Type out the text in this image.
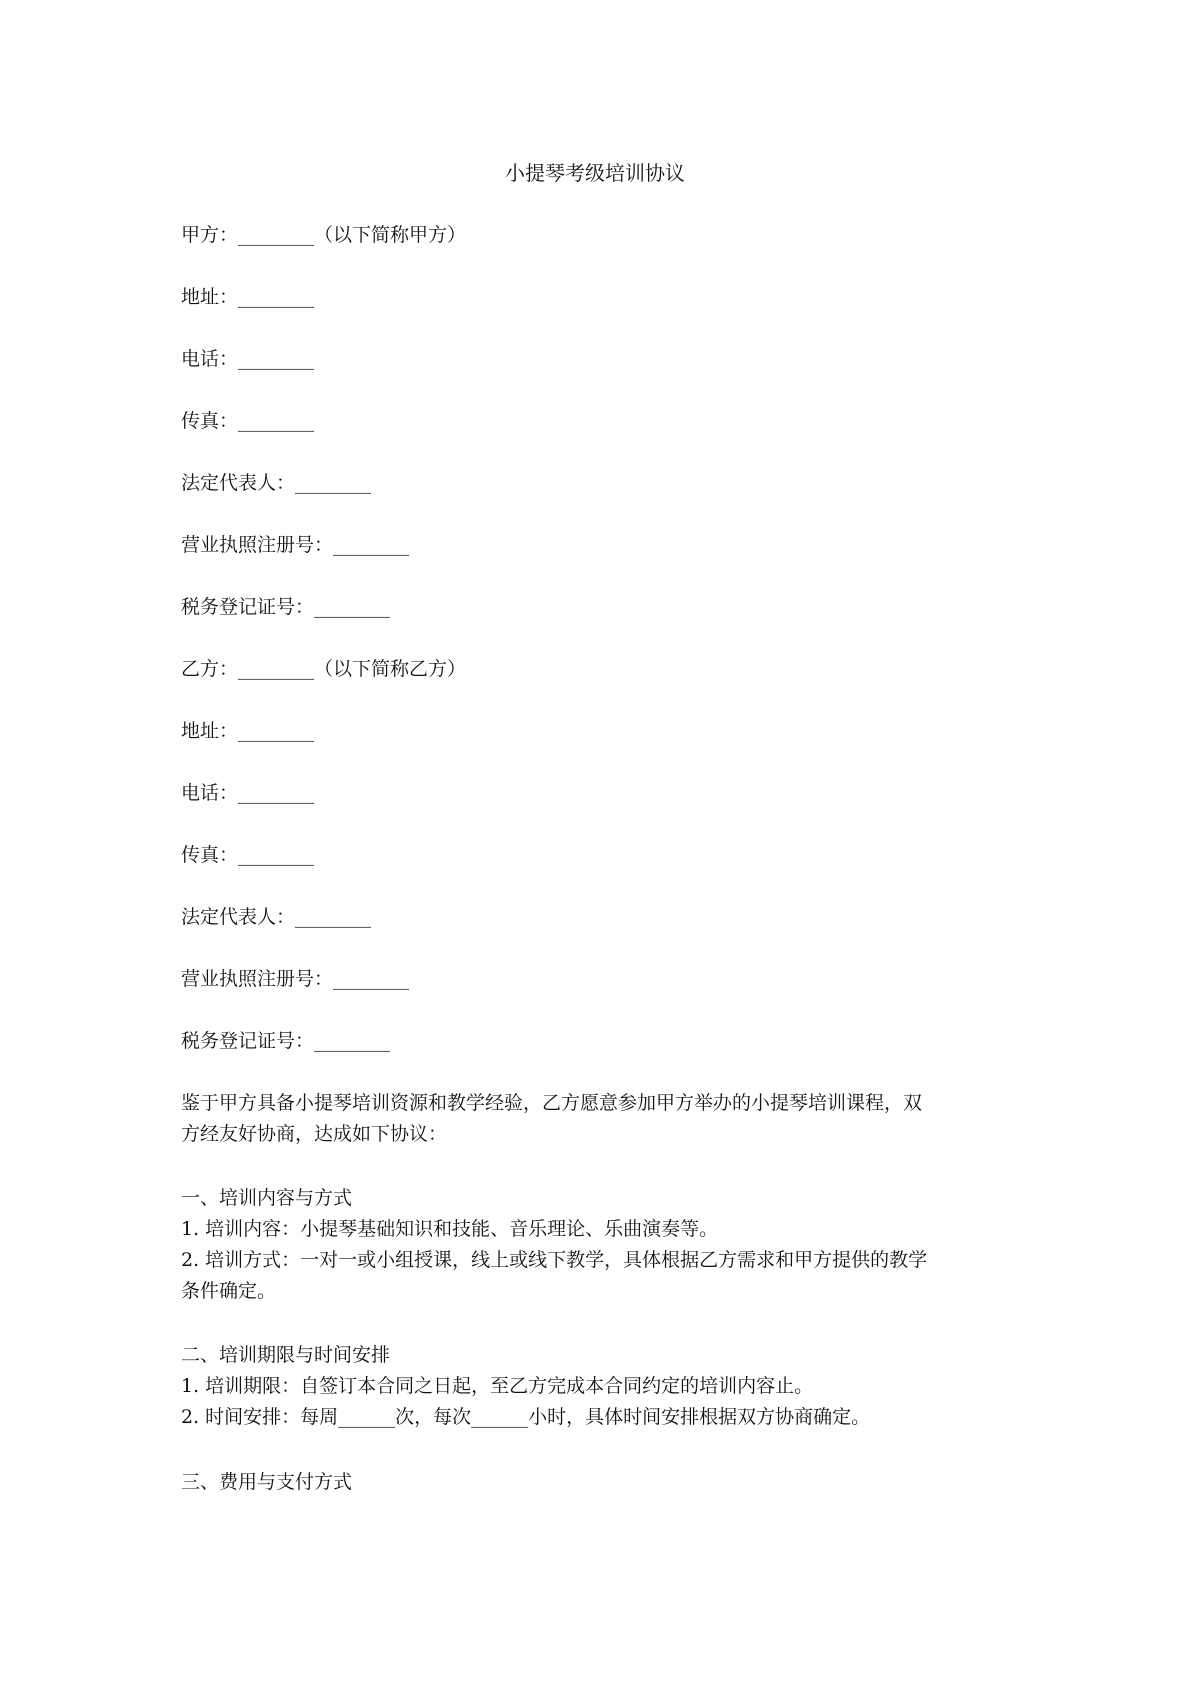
小提琴考级培训协议
甲方：________（以下简称甲方）
地址：________
电话：________
传真：________
法定代表人：________
营业执照注册号：________
税务登记证号：________
乙方：________（以下简称乙方）
地址：________
电话：________
传真：________
法定代表人：________
营业执照注册号：________
税务登记证号：________
鉴于甲方具备小提琴培训资源和教学经验，乙方愿意参加甲方举办的小提琴培训课程，双
方经友好协商，达成如下协议：
一、培训内容与方式
1. 培训内容：小提琴基础知识和技能、音乐理论、乐曲演奏等。
2. 培训方式：一对一或小组授课，线上或线下教学，具体根据乙方需求和甲方提供的教学
条件确定。
二、培训期限与时间安排
1. 培训期限：自签订本合同之日起，至乙方完成本合同约定的培训内容止。
2. 时间安排：每周______次，每次______小时，具体时间安排根据双方协商确定。
三、费用与支付方式
